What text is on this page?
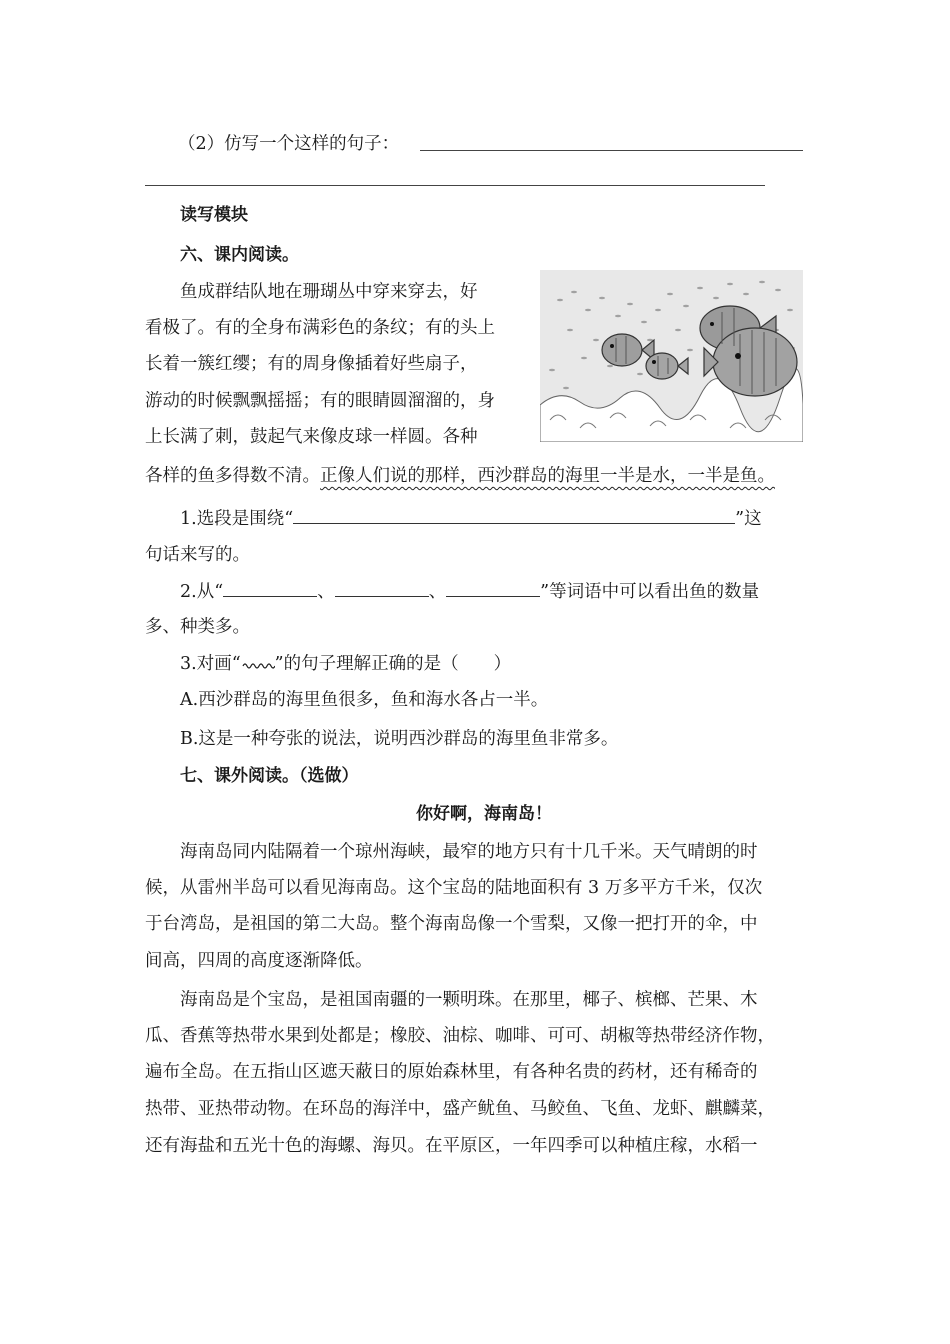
（2）仿写一个这样的句子：
读写模块
六、课内阅读。
鱼成群结队地在珊瑚丛中穿来穿去，好
看极了。有的全身布满彩色的条纹；有的头上
长着一簇红缨；有的周身像插着好些扇子，
游动的时候飘飘摇摇；有的眼睛圆溜溜的，身
上长满了刺，鼓起气来像皮球一样圆。各种
各样的鱼多得数不清。正像人们说的那样，西沙群岛的海里一半是水，一半是鱼。
1.选段是围绕“	”这
句话来写的。
2.从“	、	、	”等词语中可以看出鱼的数量
多、种类多。
3.对画“ ”的句子理解正确的是（　　）
A.西沙群岛的海里鱼很多，鱼和海水各占一半。
B.这是一种夸张的说法，说明西沙群岛的海里鱼非常多。
七、课外阅读。（选做）
你好啊，海南岛！
海南岛同内陆隔着一个琼州海峡，最窄的地方只有十几千米。天气晴朗的时
候，从雷州半岛可以看见海南岛。这个宝岛的陆地面积有 3 万多平方千米，仅次
于台湾岛，是祖国的第二大岛。整个海南岛像一个雪梨，又像一把打开的伞，中
间高，四周的高度逐渐降低。
海南岛是个宝岛，是祖国南疆的一颗明珠。在那里，椰子、槟榔、芒果、木
瓜、香蕉等热带水果到处都是；橡胶、油棕、咖啡、可可、胡椒等热带经济作物，
遍布全岛。在五指山区遮天蔽日的原始森林里，有各种名贵的药材，还有稀奇的
热带、亚热带动物。在环岛的海洋中，盛产鱿鱼、马鲛鱼、飞鱼、龙虾、麒麟菜，
还有海盐和五光十色的海螺、海贝。在平原区，一年四季可以种植庄稼，水稻一
